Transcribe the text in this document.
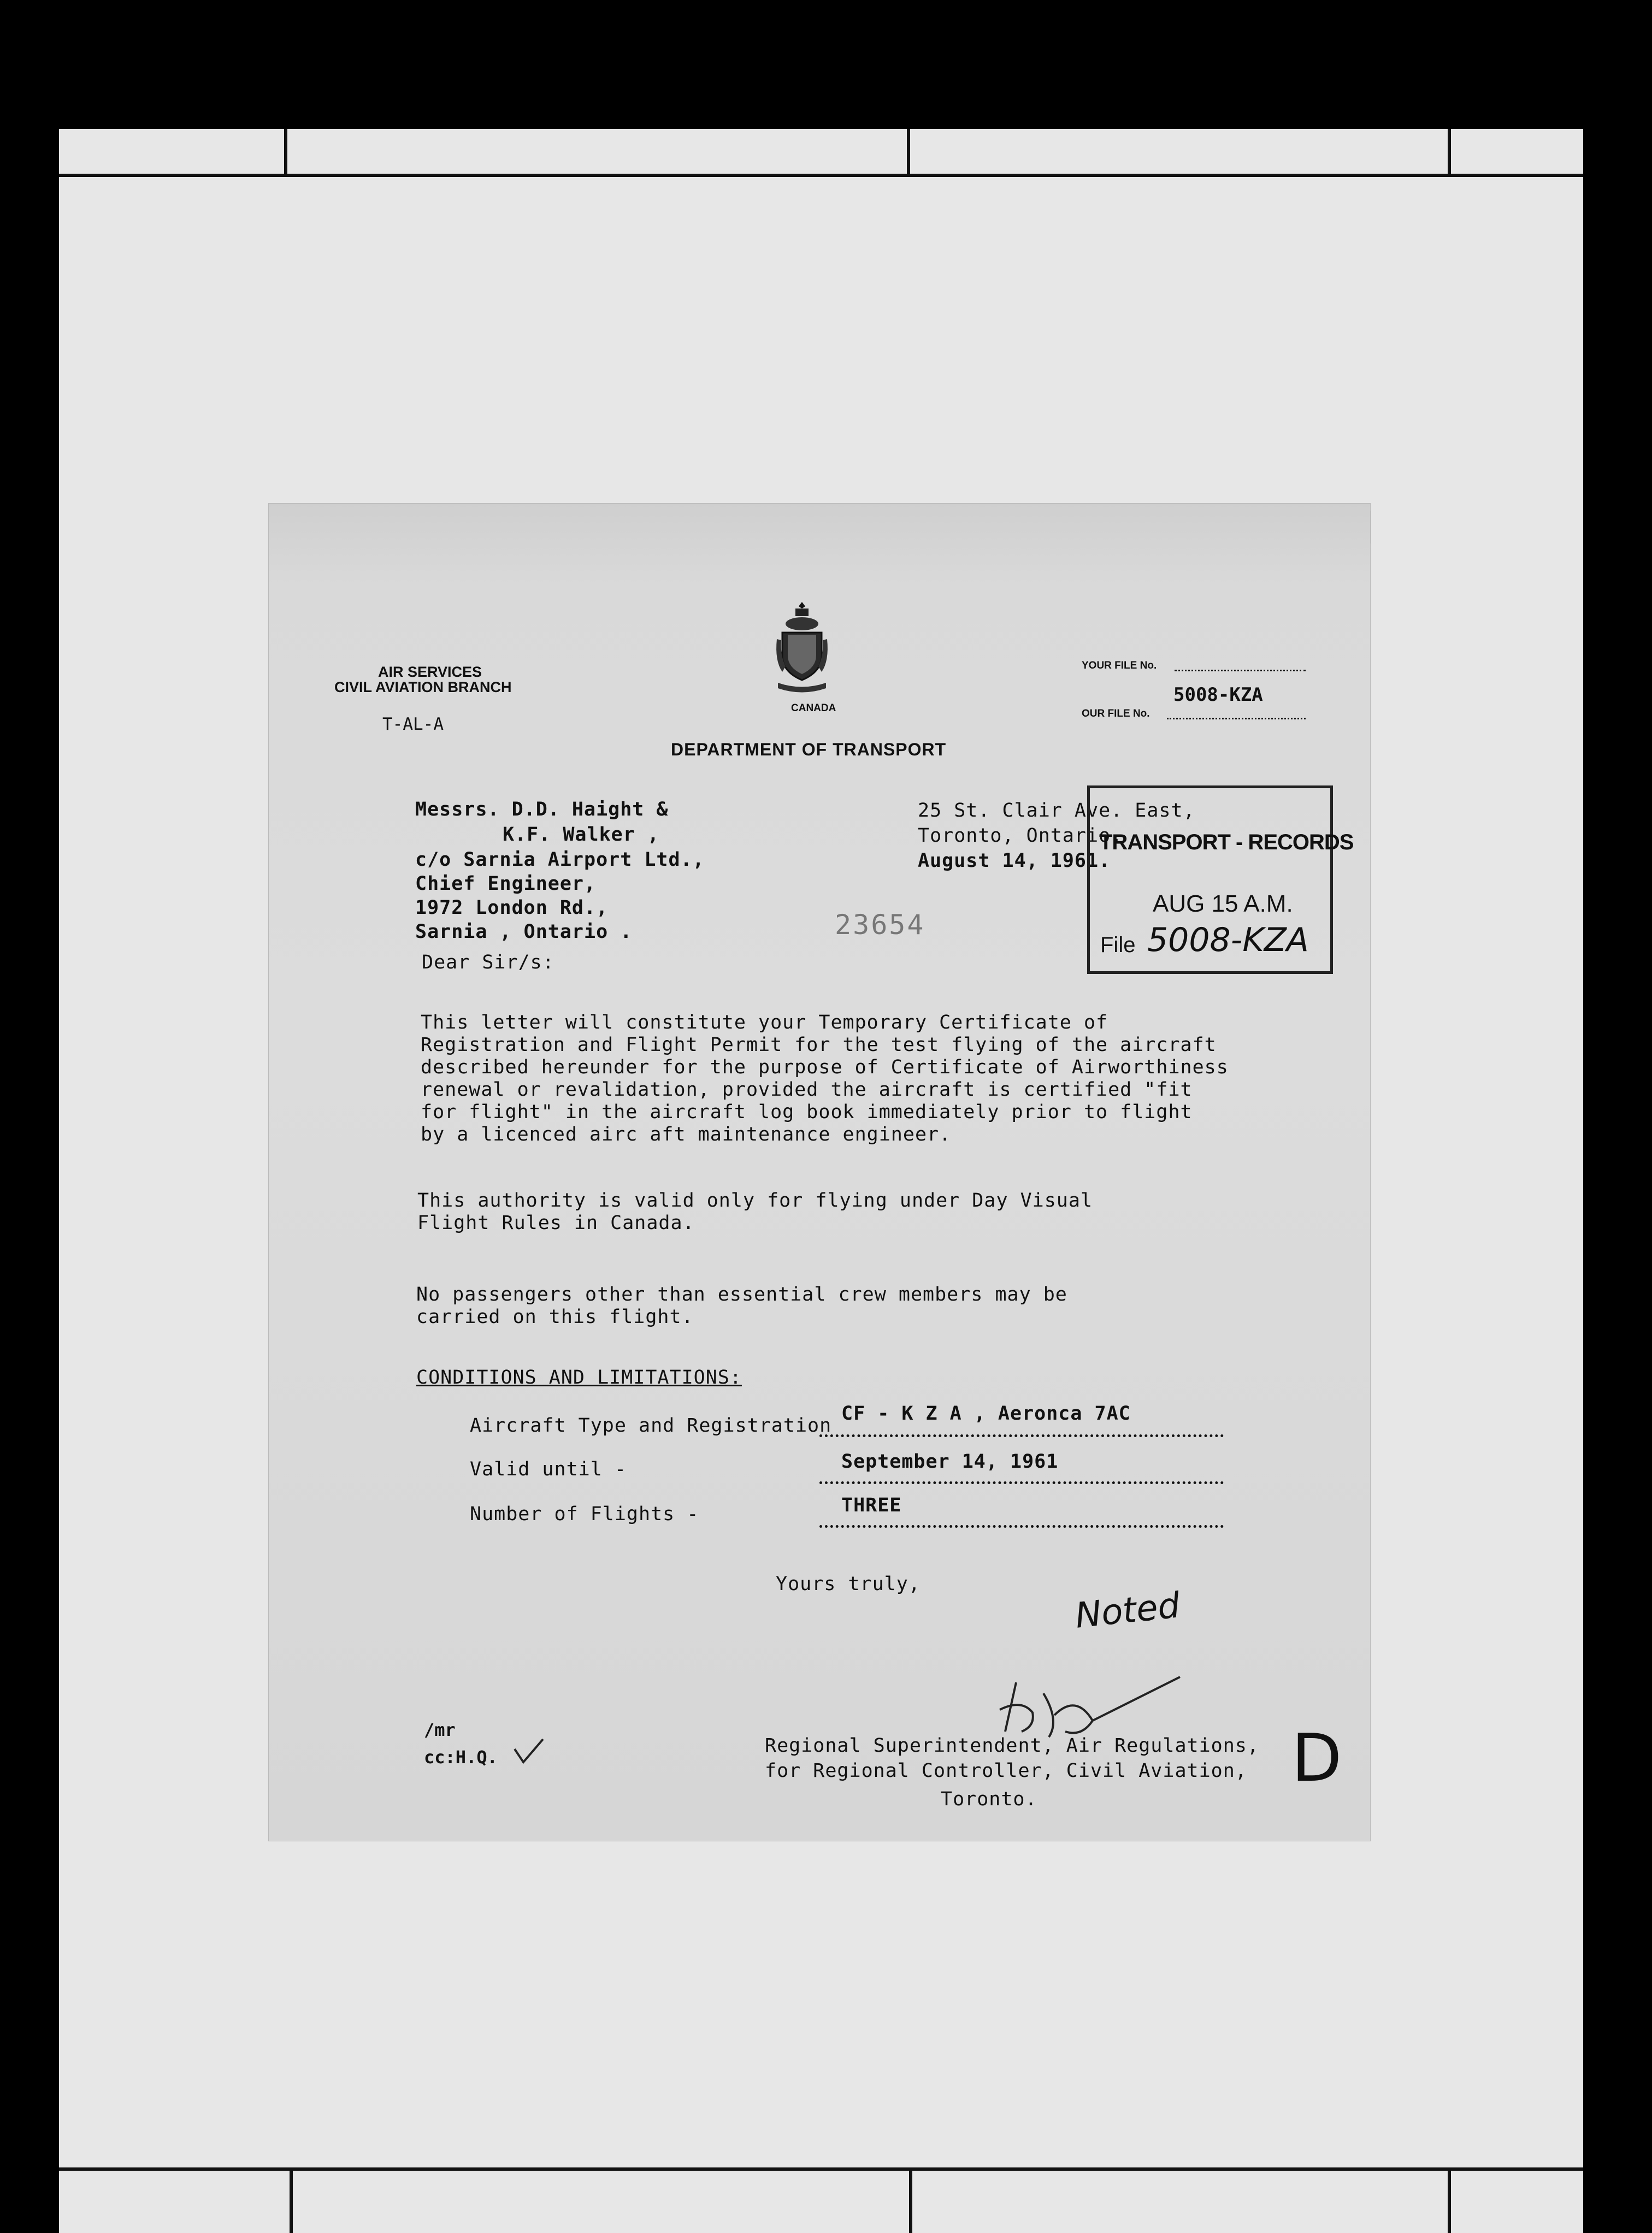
AIR SERVICES
CIVIL AVIATION BRANCH
T-AL-A
CANADA
YOUR FILE No.
OUR FILE No.
5008-KZA
DEPARTMENT OF TRANSPORT
Messrs. D.D. Haight &
K.F. Walker ,
c/o Sarnia Airport Ltd.,
Chief Engineer,
1972 London Rd.,
Sarnia , Ontario .
25 St. Clair Ave. East,
Toronto, Ontario.
August 14, 1961.
TRANSPORT - RECORDS
AUG 15 A.M.
File 5008-KZA
23654
Dear Sir/s:
This letter will constitute your Temporary Certificate of
Registration and Flight Permit for the test flying of the aircraft
described hereunder for the purpose of Certificate of Airworthiness
renewal or revalidation, provided the aircraft is certified "fit
for flight" in the aircraft log book immediately prior to flight
by a licenced airc aft maintenance engineer.
This authority is valid only for flying under Day Visual
Flight Rules in Canada.
No passengers other than essential crew members may be
carried on this flight.
CONDITIONS AND LIMITATIONS:
Aircraft Type and Registration
CF - K Z A , Aeronca 7AC
Valid until -	September 14, 1961
Number of Flights -	THREE
Yours truly,
Noted
/mr
cc:H.Q.
Regional Superintendent, Air Regulations,
for Regional Controller, Civil Aviation,
Toronto.
D
